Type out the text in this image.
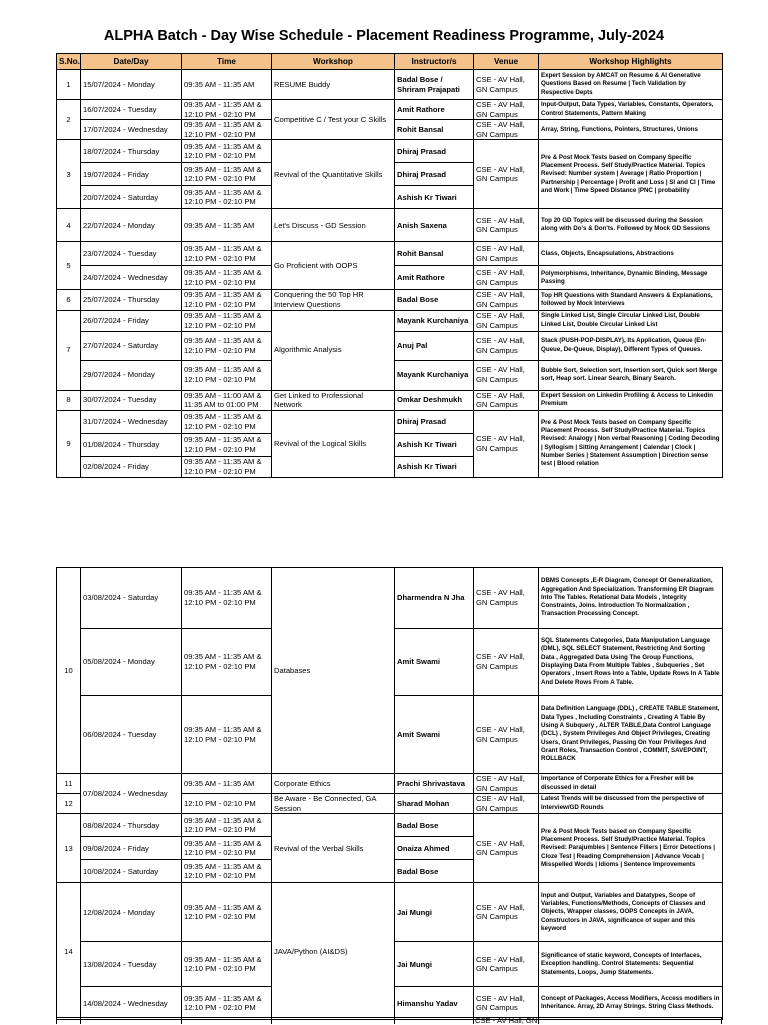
ALPHA Batch - Day Wise Schedule - Placement Readiness Programme, July-2024
S.No.	Date/Day	Time	Workshop	Instructor/s	Venue	Workshop Highlights
1	15/07/2024 - Monday	09:35 AM - 11:35 AM	RESUME Buddy	Badal Bose / Shriram Prajapati	CSE - AV Hall, GN Campus	Expert Session by AMCAT on Resume & AI Generative Questions Based on Resume | Tech Validation by Respective Depts
2	16/07/2024 - Tuesday	09:35 AM - 11:35 AM & 12:10 PM - 02:10 PM	Competitive C / Test your C Skills	Amit Rathore	CSE - AV Hall, GN Campus	Input-Output, Data Types, Variables, Constants, Operators, Control Statements, Pattern Making
	17/07/2024 - Wednesday	09:35 AM - 11:35 AM & 12:10 PM - 02:10 PM		Rohit Bansal	CSE - AV Hall, GN Campus	Array, String, Functions, Pointers, Structures, Unions
3	18/07/2024 - Thursday	09:35 AM - 11:35 AM & 12:10 PM - 02:10 PM	Revival of the Quantitative Skills	Dhiraj Prasad	CSE - AV Hall, GN Campus	Pre & Post Mock Tests based on Company Specific Placement Process. Self Study/Practice Material. Topics Revised: Number system | Average | Ratio Proportion | Partnership | Percentage | Profit and Loss | SI and CI | Time and Work | Time Speed Distance |PNC | probability
	19/07/2024 - Friday	09:35 AM - 11:35 AM & 12:10 PM - 02:10 PM		Dhiraj Prasad		
	20/07/2024 - Saturday	09:35 AM - 11:35 AM & 12:10 PM - 02:10 PM		Ashish Kr Tiwari		
4	22/07/2024 - Monday	09:35 AM - 11:35 AM	Let's Discuss - GD Session	Anish Saxena	CSE - AV Hall, GN Campus	Top 20 GD Topics will be discussed during the Session along with Do's & Don'ts. Followed by Mock GD Sessions
5	23/07/2024 - Tuesday	09:35 AM - 11:35 AM & 12:10 PM - 02:10 PM	Go Proficient with OOPS	Rohit Bansal	CSE - AV Hall, GN Campus	Class, Objects, Encapsulations, Abstractions
	24/07/2024 - Wednesday	09:35 AM - 11:35 AM & 12:10 PM - 02:10 PM		Amit Rathore	CSE - AV Hall, GN Campus	Polymorphisms, Inheritance, Dynamic Binding, Message Passing
6	25/07/2024 - Thursday	09:35 AM - 11:35 AM & 12:10 PM - 02:10 PM	Conquering the 50 Top HR Interview Questions	Badal Bose	CSE - AV Hall, GN Campus	Top HR Questions with Standard Answers & Explanations, followed by Mock Interviews
7	26/07/2024 - Friday	09:35 AM - 11:35 AM & 12:10 PM - 02:10 PM	Algorithmic Analysis	Mayank Kurchaniya	CSE - AV Hall, GN Campus	Single Linked List, Single Circular Linked List, Double Linked List, Double Circular Linked List
	27/07/2024 - Saturday	09:35 AM - 11:35 AM & 12:10 PM - 02:10 PM		Anuj Pal	CSE - AV Hall, GN Campus	Stack (PUSH-POP-DISPLAY), Its Application, Queue (En-Queue, De-Queue, Display), Different Types of Queues.
	29/07/2024 - Monday	09:35 AM - 11:35 AM & 12:10 PM - 02:10 PM		Mayank Kurchaniya	CSE - AV Hall, GN Campus	Bubble Sort, Selection sort, Insertion sort, Quick sort Merge sort, Heap sort. Linear Search, Binary Search.
8	30/07/2024 - Tuesday	09:35 AM - 11:00 AM & 11:35 AM to 01:00 PM	Get Linked to Professional Network	Omkar Deshmukh	CSE - AV Hall, GN Campus	Expert Session on Linkedin Profiling & Access to Linkedin Premium
9	31/07/2024 - Wednesday	09:35 AM - 11:35 AM & 12:10 PM - 02:10 PM	Revival of the Logical Skills	Dhiraj Prasad	CSE - AV Hall, GN Campus	Pre & Post Mock Tests based on Company Specific Placement Process. Self Study/Practice Material. Topics Revised: Analogy | Non verbal Reasoning | Coding Decoding | Syllogism | Sitting Arrangement | Calendar | Clock | Number Series | Statement Assumption | Direction sense test | Blood relation
	01/08/2024 - Thursday	09:35 AM - 11:35 AM & 12:10 PM - 02:10 PM		Ashish Kr Tiwari		
	02/08/2024 - Friday	09:35 AM - 11:35 AM & 12:10 PM - 02:10 PM		Ashish Kr Tiwari		
10	03/08/2024 - Saturday	09:35 AM - 11:35 AM & 12:10 PM - 02:10 PM	Databases	Dharmendra N Jha	CSE - AV Hall, GN Campus	DBMS Concepts ,E-R Diagram, Concept Of Generalization, Aggregation And Specialization. Transforming ER Diagram Into The Tables. Relational Data Models , Integrity Constraints, Joins. Introduction To Normalization , Transaction Processing Concept.
	05/08/2024 - Monday	09:35 AM - 11:35 AM & 12:10 PM - 02:10 PM		Amit Swami	CSE - AV Hall, GN Campus	SQL Statements Categories, Data Manipulation Language (DML), SQL SELECT Statement, Restricting And Sorting Data , Aggregated Data Using The Group Functions, Displaying Data From Multiple Tables , Subqueries , Set Operators , Insert Rows Into a Table, Update Rows In A Table And Delete Rows From A Table.
	06/08/2024 - Tuesday	09:35 AM - 11:35 AM & 12:10 PM - 02:10 PM		Amit Swami	CSE - AV Hall, GN Campus	Data Definition Language (DDL) , CREATE TABLE Statement, Data Types , Including Constraints , Creating A Table By Using A Subquery , ALTER TABLE,Data Control Language (DCL) , System Privileges And Object Privileges, Creating Users, Grant Privileges, Passing On Your Privileges And Grant Roles, Transaction Control , COMMIT, SAVEPOINT, ROLLBACK
11	07/08/2024 - Wednesday	09:35 AM - 11:35 AM	Corporate Ethics	Prachi Shrivastava	CSE - AV Hall, GN Campus	Importance of Corporate Ethics for a Fresher will be discussed in detail
12		12:10 PM - 02:10 PM	Be Aware - Be Connected, GA Session	Sharad Mohan	CSE - AV Hall, GN Campus	Latest Trends will be discussed from the perspective of Interview/GD Rounds
13	08/08/2024 - Thursday	09:35 AM - 11:35 AM & 12:10 PM - 02:10 PM	Revival of the Verbal Skills	Badal Bose	CSE - AV Hall, GN Campus	Pre & Post Mock Tests based on Company Specific Placement Process. Self Study/Practice Material. Topics Revised: Parajumbles | Sentence Fillers | Error Detections | Cloze Test | Reading Comprehension | Advance Vocab | Misspelled Words | Idioms | Sentence Improvements
	09/08/2024 - Friday	09:35 AM - 11:35 AM & 12:10 PM - 02:10 PM		Onaiza Ahmed		
	10/08/2024 - Saturday	09:35 AM - 11:35 AM & 12:10 PM - 02:10 PM		Badal Bose		
14	12/08/2024 - Monday	09:35 AM - 11:35 AM & 12:10 PM - 02:10 PM	JAVA/Python (AI&DS)	Jai Mungi	CSE - AV Hall, GN Campus	Input and Output, Variables and Datatypes, Scope of Variables, Functions/Methods, Concepts of Classes and Objects, Wrapper classes, OOPS Concepts in JAVA, Constructors in JAVA, significance of super and this keyword
	13/08/2024 - Tuesday	09:35 AM - 11:35 AM & 12:10 PM - 02:10 PM		Jai Mungi	CSE - AV Hall, GN Campus	Significance of static keyword, Concepts of Interfaces, Exception handling. Control Statements: Sequential Statements, Loops, Jump Statements.
	14/08/2024 - Wednesday	09:35 AM - 11:35 AM & 12:10 PM - 02:10 PM		Himanshu Yadav	CSE - AV Hall, GN Campus	Concept of Packages, Access Modifiers, Access modifiers in Inheritance. Array, 2D Array Strings. String Class Methods.
CSE - AV Hall, GN
